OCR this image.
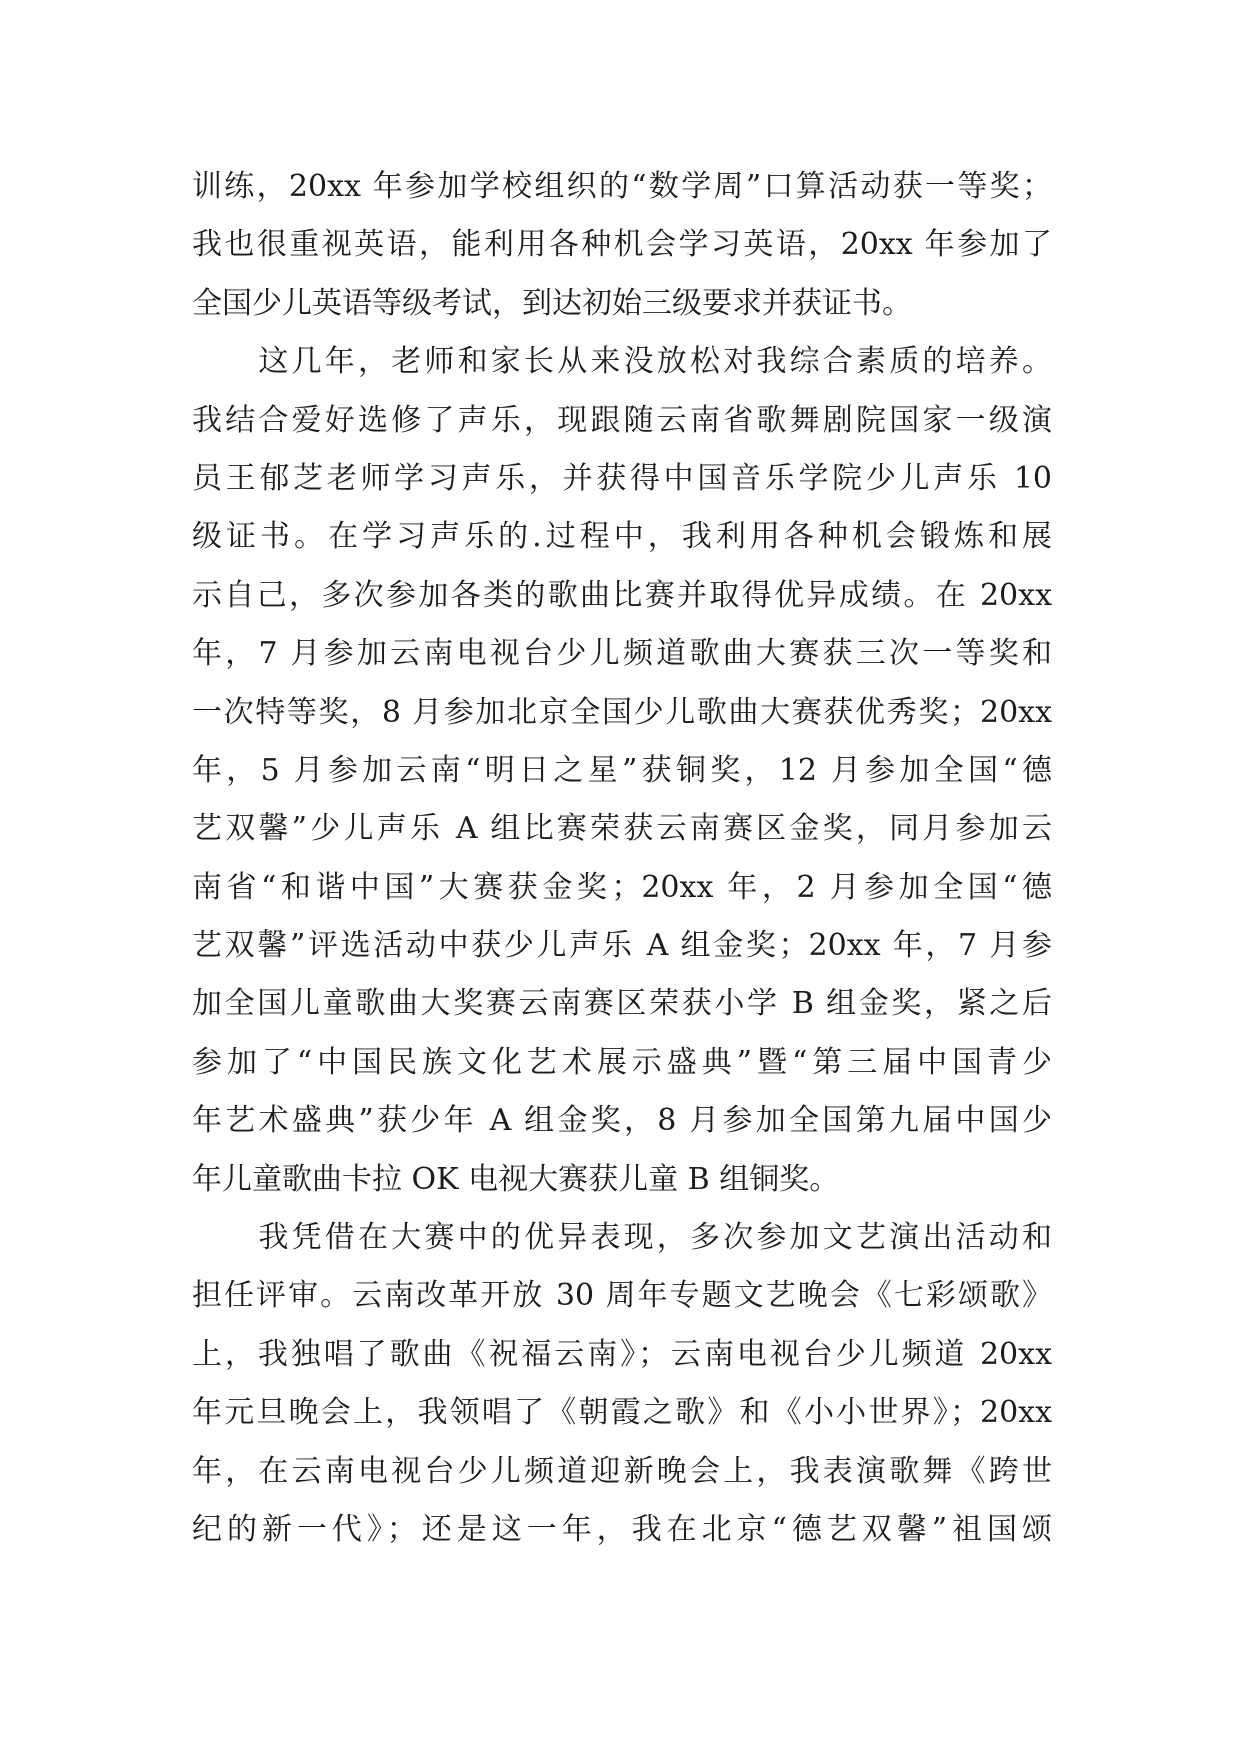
训练，20xx 年参加学校组织的“数学周”口算活动获一等奖；
我也很重视英语，能利用各种机会学习英语，20xx 年参加了
全国少儿英语等级考试，到达初始三级要求并获证书。
　　这几年，老师和家长从来没放松对我综合素质的培养。
我结合爱好选修了声乐，现跟随云南省歌舞剧院国家一级演
员王郁芝老师学习声乐，并获得中国音乐学院少儿声乐 10
级证书。在学习声乐的.过程中，我利用各种机会锻炼和展
示自己，多次参加各类的歌曲比赛并取得优异成绩。在 20xx
年，7 月参加云南电视台少儿频道歌曲大赛获三次一等奖和
一次特等奖，8 月参加北京全国少儿歌曲大赛获优秀奖；20xx
年，5 月参加云南“明日之星”获铜奖，12 月参加全国“德
艺双馨”少儿声乐 A 组比赛荣获云南赛区金奖，同月参加云
南省“和谐中国”大赛获金奖；20xx 年，2 月参加全国“德
艺双馨”评选活动中获少儿声乐 A 组金奖；20xx 年，7 月参
加全国儿童歌曲大奖赛云南赛区荣获小学 B 组金奖，紧之后
参加了“中国民族文化艺术展示盛典”暨“第三届中国青少
年艺术盛典”获少年 A 组金奖，8 月参加全国第九届中国少
年儿童歌曲卡拉 OK 电视大赛获儿童 B 组铜奖。
　　我凭借在大赛中的优异表现，多次参加文艺演出活动和
担任评审。云南改革开放 30 周年专题文艺晚会《七彩颂歌》
上，我独唱了歌曲《祝福云南》；云南电视台少儿频道 20xx
年元旦晚会上，我领唱了《朝霞之歌》和《小小世界》；20xx
年，在云南电视台少儿频道迎新晚会上，我表演歌舞《跨世
纪的新一代》；还是这一年，我在北京“德艺双馨”祖国颂
